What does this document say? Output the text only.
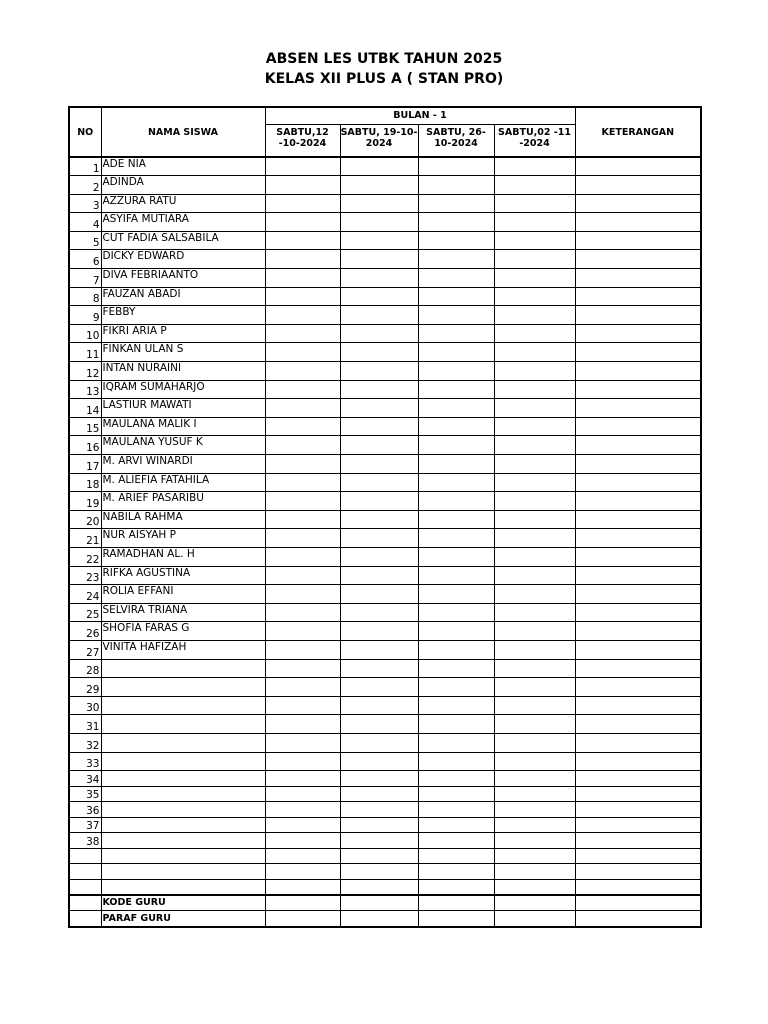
ABSEN LES UTBK TAHUN 2025
KELAS XII PLUS A ( STAN PRO)
NO	NAMA SISWA	BULAN - 1				KETERANGAN
		SABTU,12 -10-2024	SABTU, 19-10-2024	SABTU, 26-10-2024	SABTU,02 -11 -2024	
1	ADE NIA					
2	ADINDA					
3	AZZURA RATU					
4	ASYIFA MUTIARA					
5	CUT FADIA SALSABILA					
6	DICKY EDWARD					
7	DIVA FEBRIAANTO					
8	FAUZAN ABADI					
9	FEBBY					
10	FIKRI ARIA P					
11	FINKAN ULAN S					
12	INTAN NURAINI					
13	IQRAM SUMAHARJO					
14	LASTIUR MAWATI					
15	MAULANA MALIK I					
16	MAULANA YUSUF K					
17	M. ARVI WINARDI					
18	M. ALIEFIA FATAHILA					
19	M. ARIEF PASARIBU					
20	NABILA RAHMA					
21	NUR AISYAH P					
22	RAMADHAN AL. H					
23	RIFKA AGUSTINA					
24	ROLIA EFFANI					
25	SELVIRA TRIANA					
26	SHOFIA FARAS G					
27	VINITA HAFIZAH					
28						
29						
30						
31						
32						
33						
34						
35						
36						
37						
38						

	KODE GURU					
	PARAF GURU					
